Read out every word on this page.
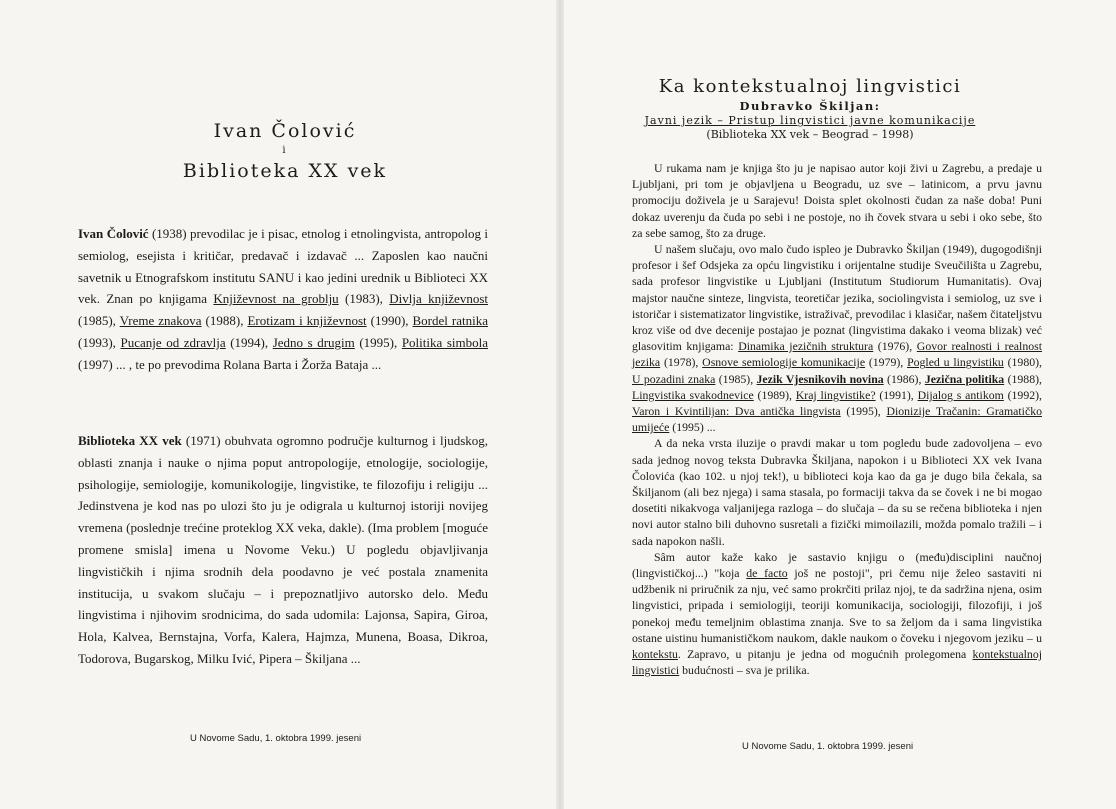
Ivan Čolović
i
Biblioteka XX vek
Ivan Čolović (1938) prevodilac je i pisac, etnolog i etnolingvista, antropolog i semiolog, esejista i kritičar, predavač i izdavač ... Zaposlen kao naučni savetnik u Etnografskom institutu SANU i kao jedini urednik u Biblioteci XX vek. Znan po knjigama Književnost na groblju (1983), Divlja književnost (1985), Vreme znakova (1988), Erotizam i književnost (1990), Bordel ratnika (1993), Pucanje od zdravlja (1994), Jedno s drugim (1995), Politika simbola (1997) ... , te po prevodima Rolana Barta i Žorža Bataja ...
Biblioteka XX vek (1971) obuhvata ogromno područje kulturnog i ljudskog, oblasti znanja i nauke o njima poput antropologije, etnologije, sociologije, psihologije, semiologije, komunikologije, lingvistike, te filozofiju i religiju ... Jedinstvena je kod nas po ulozi što ju je odigrala u kulturnoj istoriji novijeg vremena (poslednje trećine proteklog XX veka, dakle). (Ima problem [moguće promene smisla] imena u Novome Veku.) U pogledu objavljivanja lingvističkih i njima srodnih dela poodavno je već postala znamenita institucija, u svakom slučaju – i prepoznatljivo autorsko delo. Među lingvistima i njihovim srodnicima, do sada udomila: Lajonsa, Sapira, Giroa, Hola, Kalvea, Bernstajna, Vorfa, Kalera, Hajmza, Munena, Boasa, Dikroa, Todorova, Bugarskog, Milku Ivić, Pipera – Škiljana ...
U Novome Sadu, 1. oktobra 1999. jeseni
Ka kontekstualnoj lingvistici
Dubravko Škiljan:
Javni jezik – Pristup lingvistici javne komunikacije
(Biblioteka XX vek – Beograd – 1998)
U rukama nam je knjiga što ju je napisao autor koji živi u Zagrebu, a predaje u Ljubljani, pri tom je objavljena u Beogradu, uz sve – latinicom, a prvu javnu promociju doživela je u Sarajevu! Doista splet okolnosti čudan za naše doba! Puni dokaz uverenju da čuda po sebi i ne postoje, no ih čovek stvara u sebi i oko sebe, što za sebe samog, što za druge.
U našem slučaju, ovo malo čudo ispleo je Dubravko Škiljan (1949), dugogodišnji profesor i šef Odsjeka za opću lingvistiku i orijentalne studije Sveučilišta u Zagrebu, sada profesor lingvistike u Ljubljani (Institutum Studiorum Humanitatis). Ovaj majstor naučne sinteze, lingvista, teoretičar jezika, sociolingvista i semiolog, uz sve i istoričar i sistematizator lingvistike, istraživač, prevodilac i klasičar, našem čitateljstvu kroz više od dve decenije postajao je poznat (lingvistima dakako i veoma blizak) već glasovitim knjigama: Dinamika jezičnih struktura (1976), Govor realnosti i realnost jezika (1978), Osnove semiologije komunikacije (1979), Pogled u lingvistiku (1980), U pozadini znaka (1985), Jezik Vjesnikovih novina (1986), Jezična politika (1988), Lingvistika svakodnevice (1989), Kraj lingvistike? (1991), Dijalog s antikom (1992), Varon i Kvintilijan: Dva antička lingvista (1995), Dionizije Tračanin: Gramatičko umijeće (1995) ...
A da neka vrsta iluzije o pravdi makar u tom pogledu bude zadovoljena – evo sada jednog novog teksta Dubravka Škiljana, napokon i u Biblioteci XX vek Ivana Čolovića (kao 102. u njoj tek!), u biblioteci koja kao da ga je dugo bila čekala, sa Škiljanom (ali bez njega) i sama stasala, po formaciji takva da se čovek i ne bi mogao dosetiti nikakvoga valjanijega razloga – do slučaja – da su se rečena biblioteka i njen novi autor stalno bili duhovno susretali a fizički mimoilazili, možda pomalo tražili – i sada napokon našli.
Sâm autor kaže kako je sastavio knjigu o (među)disciplini naučnoj (lingvističkoj...) "koja de facto još ne postoji", pri čemu nije želeo sastaviti ni udžbenik ni priručnik za nju, već samo prokrčiti prilaz njoj, te da sadržina njena, osim lingvistici, pripada i semiologiji, teoriji komunikacija, sociologiji, filozofiji, i još ponekoj među temeljnim oblastima znanja. Sve to sa željom da i sama lingvistika ostane uistinu humanističkom naukom, dakle naukom o čoveku i njegovom jeziku – u kontekstu. Zapravo, u pitanju je jedna od mogućnih prolegomena kontekstualnoj lingvistici budućnosti – sva je prilika.
U Novome Sadu, 1. oktobra 1999. jeseni
